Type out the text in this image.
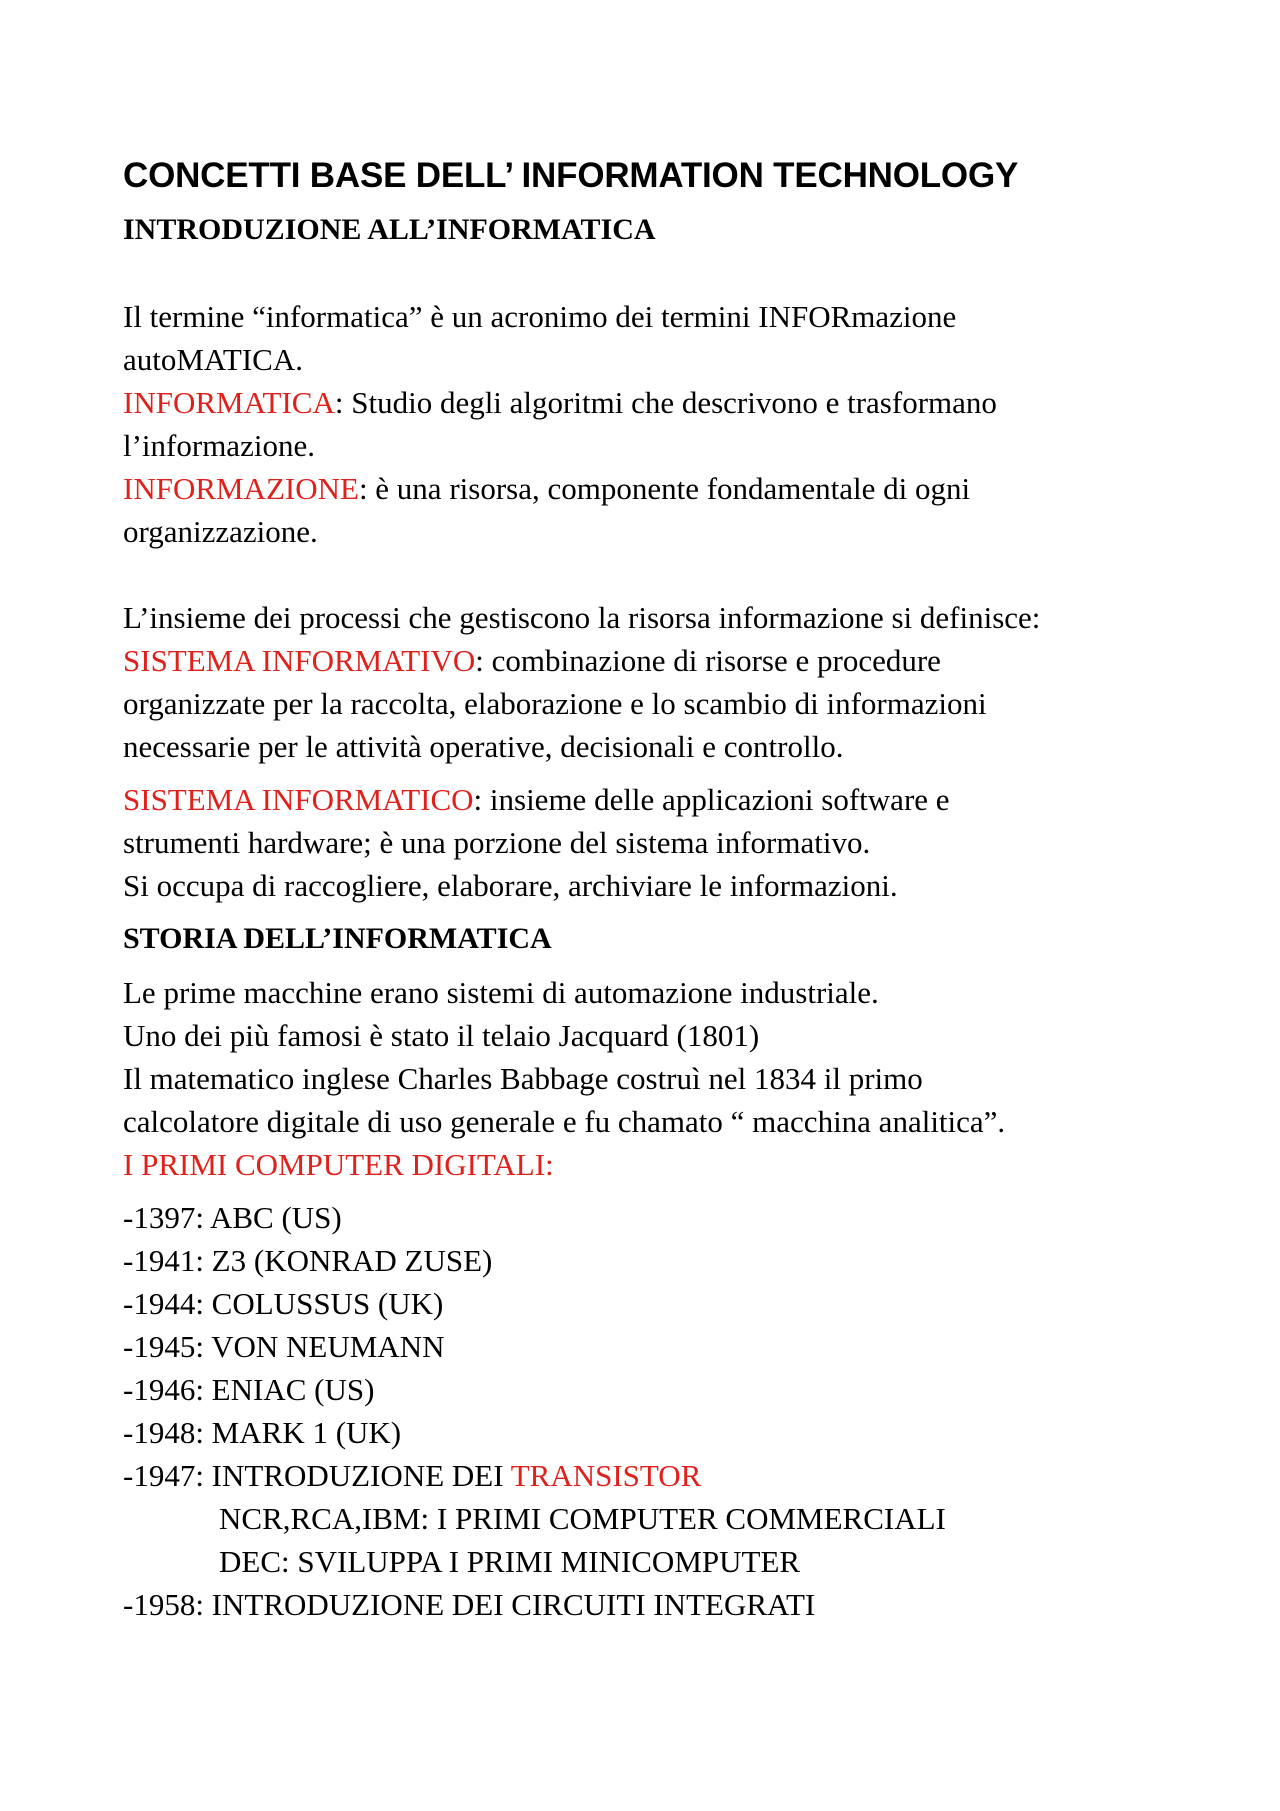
CONCETTI BASE DELL’ INFORMATION TECHNOLOGY
INTRODUZIONE ALL’INFORMATICA

Il termine “informatica” è un acronimo dei termini INFORmazione

autoMATICA.

INFORMATICA: Studio degli algoritmi che descrivono e trasformano

l’informazione.

INFORMAZIONE: è una risorsa, componente fondamentale di ogni

organizzazione.

L’insieme dei processi che gestiscono la risorsa informazione si definisce:

SISTEMA INFORMATIVO: combinazione di risorse e procedure

organizzate per la raccolta, elaborazione e lo scambio di informazioni

necessarie per le attività operative, decisionali e controllo.

SISTEMA INFORMATICO: insieme delle applicazioni software e

strumenti hardware; è una porzione del sistema informativo.

Si occupa di raccogliere, elaborare, archiviare le informazioni.

STORIA DELL’INFORMATICA

Le prime macchine erano sistemi di automazione industriale.

Uno dei più famosi è stato il telaio Jacquard (1801)

Il matematico inglese Charles Babbage costruì nel 1834 il primo

calcolatore digitale di uso generale e fu chamato “ macchina analitica”.

I PRIMI COMPUTER DIGITALI:

-1397: ABC (US)

-1941: Z3 (KONRAD ZUSE)

-1944: COLUSSUS (UK)

-1945: VON NEUMANN

-1946: ENIAC (US)

-1948: MARK 1 (UK)

-1947: INTRODUZIONE DEI TRANSISTOR

NCR,RCA,IBM: I PRIMI COMPUTER COMMERCIALI

DEC: SVILUPPA I PRIMI MINICOMPUTER

-1958: INTRODUZIONE DEI CIRCUITI INTEGRATI
